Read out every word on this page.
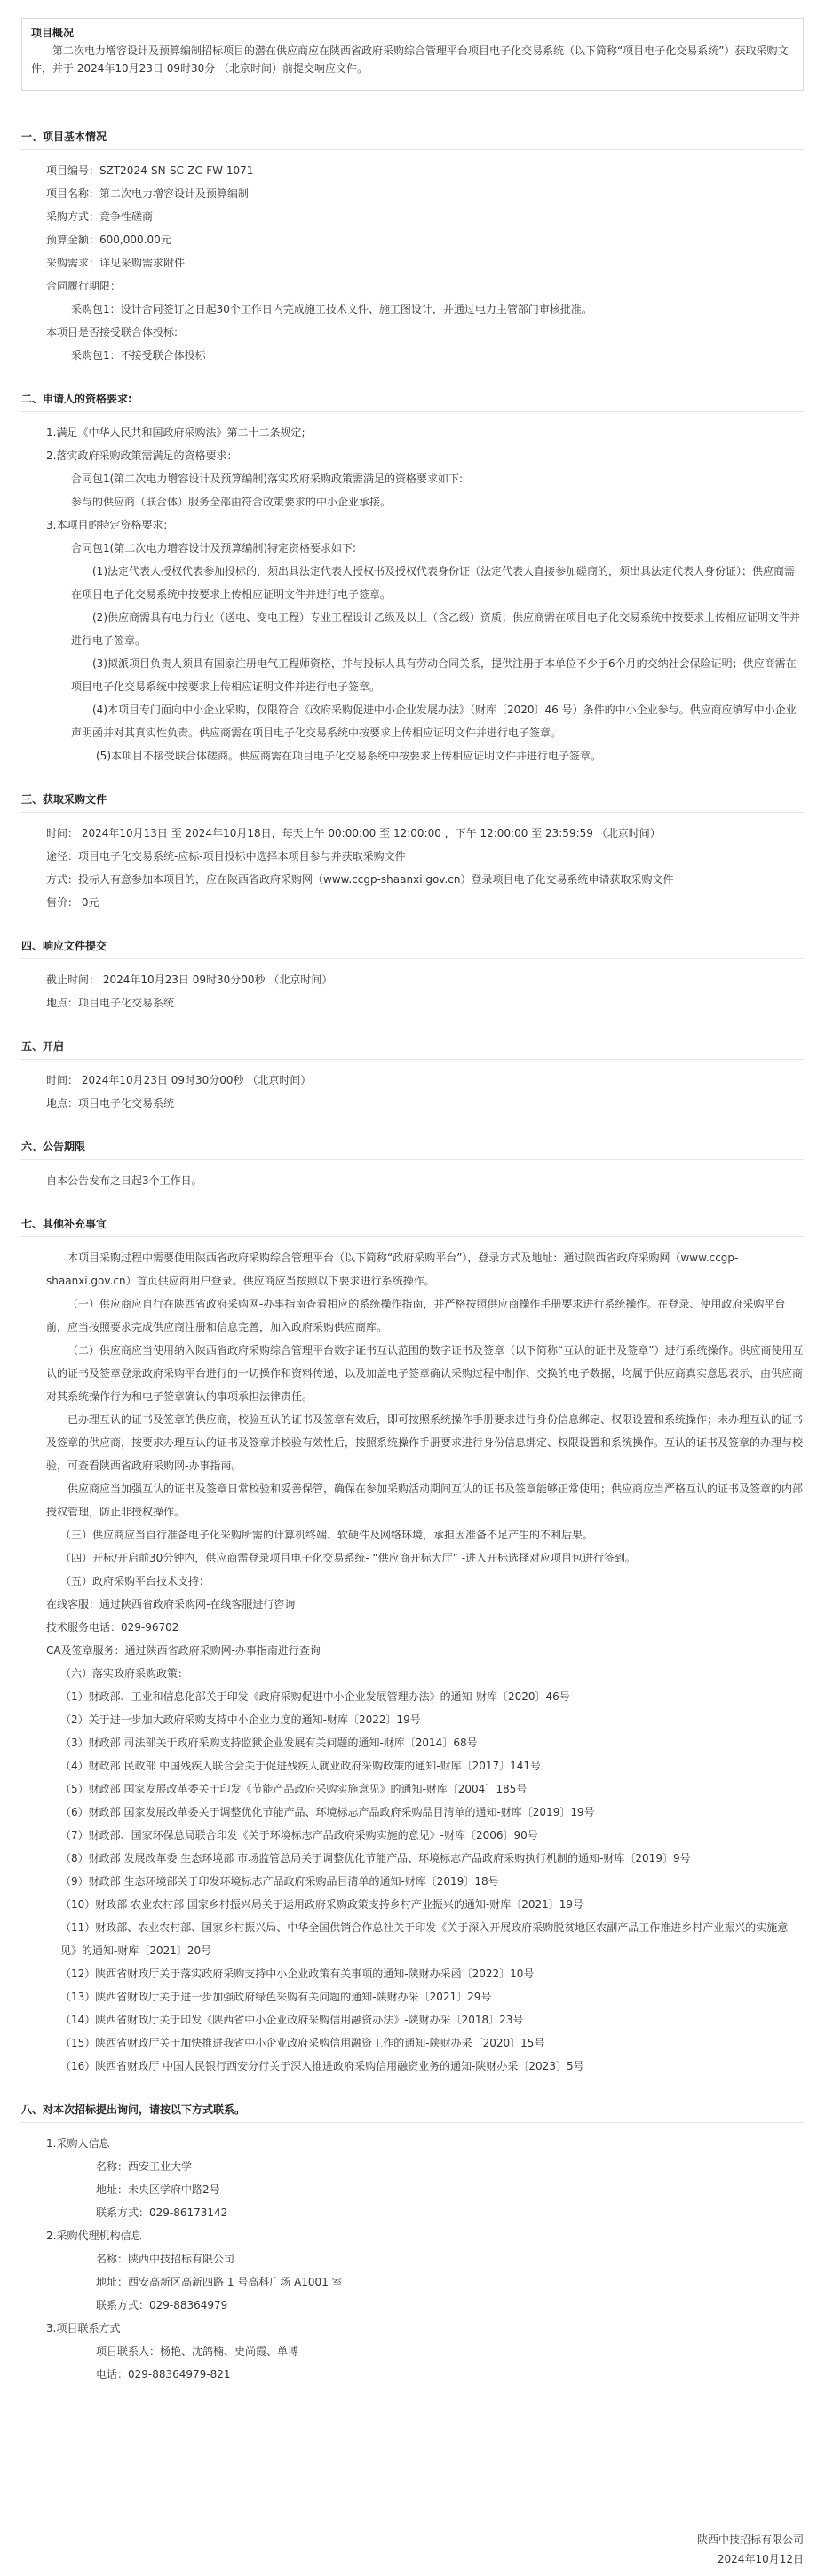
项目概况
第二次电力增容设计及预算编制招标项目的潜在供应商应在陕西省政府采购综合管理平台项目电子化交易系统（以下简称“项目电子化交易系统”）获取采购文件，并于 2024年10月23日 09时30分 （北京时间）前提交响应文件。
一、项目基本情况
项目编号：SZT2024-SN-SC-ZC-FW-1071
项目名称：第二次电力增容设计及预算编制
采购方式：竞争性磋商
预算金额：600,000.00元
采购需求：详见采购需求附件
合同履行期限：
采购包1：设计合同签订之日起30个工作日内完成施工技术文件、施工图设计，并通过电力主管部门审核批准。
本项目是否接受联合体投标:
采购包1：不接受联合体投标
二、申请人的资格要求:
1.满足《中华人民共和国政府采购法》第二十二条规定;
2.落实政府采购政策需满足的资格要求：
合同包1(第二次电力增容设计及预算编制)落实政府采购政策需满足的资格要求如下:
参与的供应商（联合体）服务全部由符合政策要求的中小企业承接。
3.本项目的特定资格要求：
合同包1(第二次电力增容设计及预算编制)特定资格要求如下:
(1)法定代表人授权代表参加投标的，须出具法定代表人授权书及授权代表身份证（法定代表人直接参加磋商的，须出具法定代表人身份证）；供应商需在项目电子化交易系统中按要求上传相应证明文件并进行电子签章。
(2)供应商需具有电力行业（送电、变电工程）专业工程设计乙级及以上（含乙级）资质；供应商需在项目电子化交易系统中按要求上传相应证明文件并进行电子签章。
(3)拟派项目负责人须具有国家注册电气工程师资格，并与投标人具有劳动合同关系，提供注册于本单位不少于6个月的交纳社会保险证明；供应商需在项目电子化交易系统中按要求上传相应证明文件并进行电子签章。
(4)本项目专门面向中小企业采购，仅限符合《政府采购促进中小企业发展办法》（财库〔2020〕46 号）条件的中小企业参与。供应商应填写中小企业声明函并对其真实性负责。供应商需在项目电子化交易系统中按要求上传相应证明文件并进行电子签章。
(5)本项目不接受联合体磋商。供应商需在项目电子化交易系统中按要求上传相应证明文件并进行电子签章。
三、获取采购文件
时间： 2024年10月13日 至 2024年10月18日，每天上午 00:00:00 至 12:00:00 ，下午 12:00:00 至 23:59:59 （北京时间）
途径：项目电子化交易系统-应标-项目投标中选择本项目参与并获取采购文件
方式：投标人有意参加本项目的，应在陕西省政府采购网（www.ccgp-shaanxi.gov.cn）登录项目电子化交易系统申请获取采购文件
售价： 0元
四、响应文件提交
截止时间： 2024年10月23日 09时30分00秒 （北京时间）
地点：项目电子化交易系统
五、开启
时间： 2024年10月23日 09时30分00秒 （北京时间）
地点：项目电子化交易系统
六、公告期限
自本公告发布之日起3个工作日。
七、其他补充事宜
本项目采购过程中需要使用陕西省政府采购综合管理平台（以下简称“政府采购平台”），登录方式及地址：通过陕西省政府采购网（www.ccgp-shaanxi.gov.cn）首页供应商用户登录。供应商应当按照以下要求进行系统操作。
（一）供应商应自行在陕西省政府采购网-办事指南查看相应的系统操作指南，并严格按照供应商操作手册要求进行系统操作。在登录、使用政府采购平台前，应当按照要求完成供应商注册和信息完善，加入政府采购供应商库。
（二）供应商应当使用纳入陕西省政府采购综合管理平台数字证书互认范围的数字证书及签章（以下简称“互认的证书及签章”）进行系统操作。供应商使用互认的证书及签章登录政府采购平台进行的一切操作和资料传递，以及加盖电子签章确认采购过程中制作、交换的电子数据，均属于供应商真实意思表示，由供应商对其系统操作行为和电子签章确认的事项承担法律责任。
已办理互认的证书及签章的供应商，校验互认的证书及签章有效后，即可按照系统操作手册要求进行身份信息绑定、权限设置和系统操作；未办理互认的证书及签章的供应商，按要求办理互认的证书及签章并校验有效性后，按照系统操作手册要求进行身份信息绑定、权限设置和系统操作。互认的证书及签章的办理与校验，可查看陕西省政府采购网-办事指南。
供应商应当加强互认的证书及签章日常校验和妥善保管，确保在参加采购活动期间互认的证书及签章能够正常使用；供应商应当严格互认的证书及签章的内部授权管理，防止非授权操作。
（三）供应商应当自行准备电子化采购所需的计算机终端、软硬件及网络环境，承担因准备不足产生的不利后果。
（四）开标/开启前30分钟内，供应商需登录项目电子化交易系统- “供应商开标大厅” -进入开标选择对应项目包进行签到。
（五）政府采购平台技术支持：
在线客服：通过陕西省政府采购网-在线客服进行咨询
技术服务电话：029-96702
CA及签章服务：通过陕西省政府采购网-办事指南进行查询
（六）落实政府采购政策：
（1）财政部、工业和信息化部关于印发《政府采购促进中小企业发展管理办法》的通知-财库〔2020〕46号
（2）关于进一步加大政府采购支持中小企业力度的通知-财库〔2022〕19号
（3）财政部 司法部关于政府采购支持监狱企业发展有关问题的通知-财库〔2014〕68号
（4）财政部 民政部 中国残疾人联合会关于促进残疾人就业政府采购政策的通知-财库〔2017〕141号
（5）财政部 国家发展改革委关于印发《节能产品政府采购实施意见》的通知-财库〔2004〕185号
（6）财政部 国家发展改革委关于调整优化节能产品、环境标志产品政府采购品目清单的通知-财库〔2019〕19号
（7）财政部、国家环保总局联合印发《关于环境标志产品政府采购实施的意见》-财库〔2006〕90号
（8）财政部 发展改革委 生态环境部 市场监管总局关于调整优化节能产品、环境标志产品政府采购执行机制的通知-财库〔2019〕9号
（9）财政部 生态环境部关于印发环境标志产品政府采购品目清单的通知-财库〔2019〕18号
（10）财政部 农业农村部 国家乡村振兴局关于运用政府采购政策支持乡村产业振兴的通知-财库〔2021〕19号
（11）财政部、农业农村部、国家乡村振兴局、中华全国供销合作总社关于印发《关于深入开展政府采购脱贫地区农副产品工作推进乡村产业振兴的实施意见》的通知-财库〔2021〕20号
（12）陕西省财政厅关于落实政府采购支持中小企业政策有关事项的通知-陕财办采函〔2022〕10号
（13）陕西省财政厅关于进一步加强政府绿色采购有关问题的通知-陕财办采〔2021〕29号
（14）陕西省财政厅关于印发《陕西省中小企业政府采购信用融资办法》-陕财办采〔2018〕23号
（15）陕西省财政厅关于加快推进我省中小企业政府采购信用融资工作的通知-陕财办采〔2020〕15号
（16）陕西省财政厅 中国人民银行西安分行关于深入推进政府采购信用融资业务的通知-陕财办采〔2023〕5号
八、对本次招标提出询问，请按以下方式联系。
1.采购人信息
名称：西安工业大学
地址：未央区学府中路2号
联系方式：029-86173142
2.采购代理机构信息
名称：陕西中技招标有限公司
地址：西安高新区高新四路 1 号高科广场 A1001 室
联系方式：029-88364979
3.项目联系方式
项目联系人：杨艳、沈鸽楠、史尚霞、单博
电话：029-88364979-821
陕西中技招标有限公司
2024年10月12日
